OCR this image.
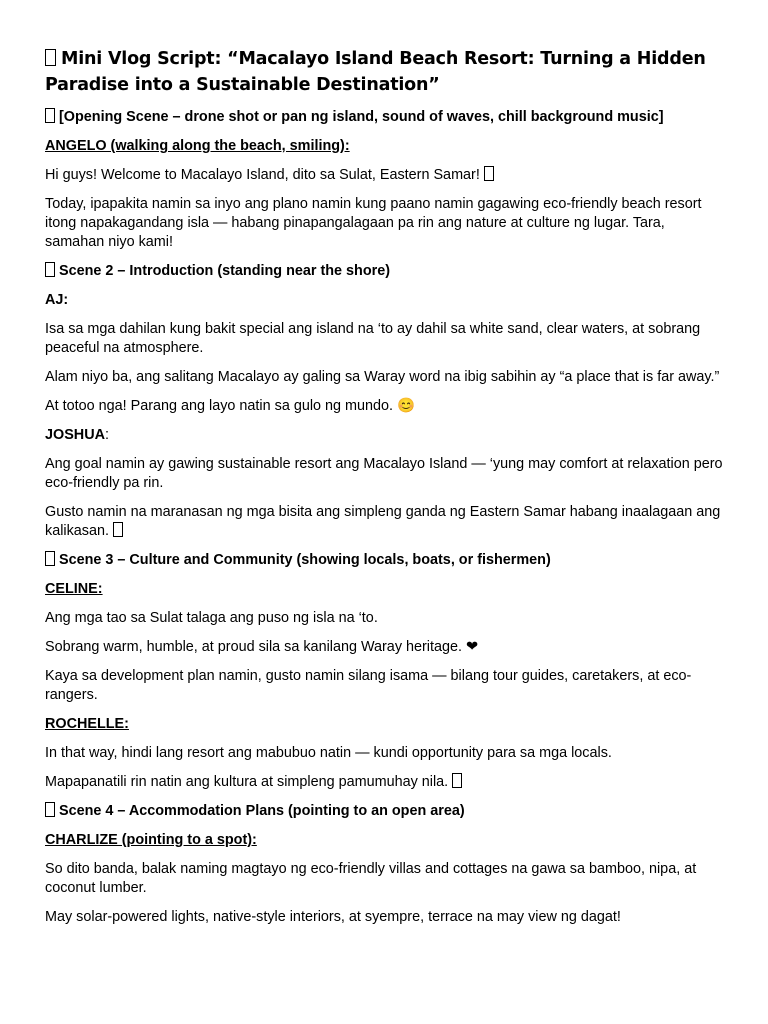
Mini Vlog Script: “Macalayo Island Beach Resort: Turning a Hidden Paradise into a Sustainable Destination”

[Opening Scene – drone shot or pan ng island, sound of waves, chill background music]

ANGELO (walking along the beach, smiling):

Hi guys! Welcome to Macalayo Island, dito sa Sulat, Eastern Samar!

Today, ipapakita namin sa inyo ang plano namin kung paano namin gagawing eco-friendly beach resort itong napakagandang isla — habang pinapangalagaan pa rin ang nature at culture ng lugar. Tara, samahan niyo kami!

Scene 2 – Introduction (standing near the shore)

AJ:

Isa sa mga dahilan kung bakit special ang island na ‘to ay dahil sa white sand, clear waters, at sobrang peaceful na atmosphere.

Alam niyo ba, ang salitang Macalayo ay galing sa Waray word na ibig sabihin ay “a place that is far away.”

At totoo nga! Parang ang layo natin sa gulo ng mundo. 😊

JOSHUA:

Ang goal namin ay gawing sustainable resort ang Macalayo Island — ‘yung may comfort at relaxation pero eco-friendly pa rin.

Gusto namin na maranasan ng mga bisita ang simpleng ganda ng Eastern Samar habang inaalagaan ang kalikasan.

Scene 3 – Culture and Community (showing locals, boats, or fishermen)

CELINE:

Ang mga tao sa Sulat talaga ang puso ng isla na ‘to.

Sobrang warm, humble, at proud sila sa kanilang Waray heritage. ❤

Kaya sa development plan namin, gusto namin silang isama — bilang tour guides, caretakers, at eco-rangers.

ROCHELLE:

In that way, hindi lang resort ang mabubuo natin — kundi opportunity para sa mga locals.

Mapapanatili rin natin ang kultura at simpleng pamumuhay nila.

Scene 4 – Accommodation Plans (pointing to an open area)

CHARLIZE (pointing to a spot):

So dito banda, balak naming magtayo ng eco-friendly villas and cottages na gawa sa bamboo, nipa, at coconut lumber.

May solar-powered lights, native-style interiors, at syempre, terrace na may view ng dagat!
